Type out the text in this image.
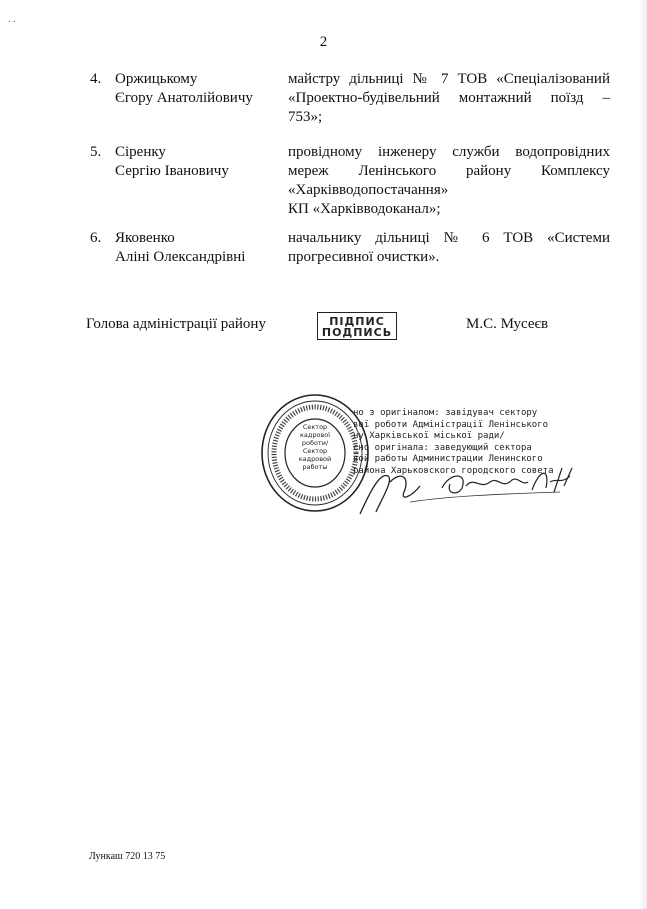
. .
2
4. Оржицькому
Єгору Анатолійовичу
майстру дільниці № 7 ТОВ «Спеціалізований
«Проектно-будівельний монтажний поїзд –
753»;
5. Сіренку
Сергію Івановичу
провідному інженеру служби водопровідних
мереж Ленінського району Комплексу
«Харківводопостачання»
КП «Харківводоканал»;
6. Яковенко
Аліні Олександрівні
начальнику дільниці № 6 ТОВ «Системи
прогресивної очистки».
Голова адміністрації району	ПІДПИС
ПОДПИСЬ
М.С. Мусеєв
Сектор
кадрової
роботи/
Сектор
кадровой
работы
но з оригіналом: завідувач сектору
вої роботи Адміністрації Ленінського
ну Харківської міської ради/
сно оригінала: заведующий сектора
вой работы Администрации Ленинского
района Харьковского городского совета
Лункаш 720 13 75
